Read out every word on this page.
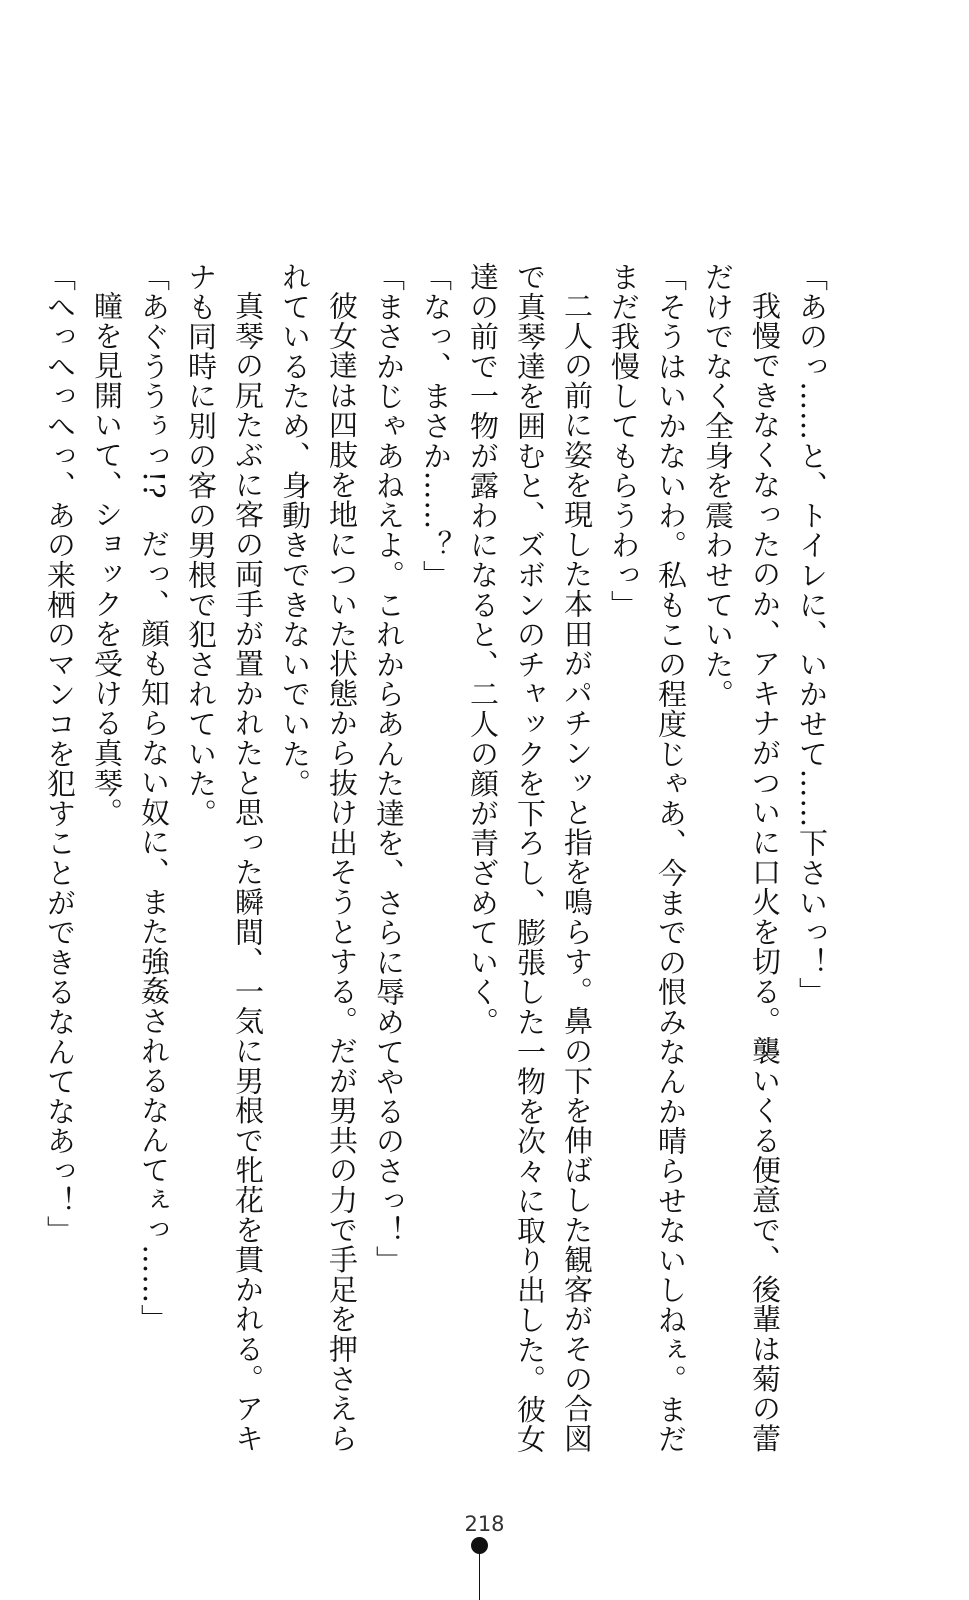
「あのっ……と、トイレに、いかせて……下さいっ！」
我慢できなくなったのか、アキナがついに口火を切る。襲いくる便意で、後輩は菊の蕾
だけでなく全身を震わせていた。
「そうはいかないわ。私もこの程度じゃあ、今までの恨みなんか晴らせないしねぇ。まだ
まだ我慢してもらうわっ」
二人の前に姿を現した本田がパチンッと指を鳴らす。鼻の下を伸ばした観客がその合図
で真琴達を囲むと、ズボンのチャックを下ろし、膨張した一物を次々に取り出した。彼女
達の前で一物が露わになると、二人の顔が青ざめていく。
「なっ、まさか……？」
「まさかじゃあねえよ。これからあんた達を、さらに辱めてやるのさっ！」
彼女達は四肢を地についた状態から抜け出そうとする。だが男共の力で手足を押さえら
れているため、身動きできないでいた。
真琴の尻たぶに客の両手が置かれたと思った瞬間、一気に男根で牝花を貫かれる。アキ
ナも同時に別の客の男根で犯されていた。
「あぐううぅっ!?　だっ、顔も知らない奴に、また強姦されるなんてぇっ……」
瞳を見開いて、ショックを受ける真琴。
「へっへっへっ、あの来栖のマンコを犯すことができるなんてなあっ！」
218
